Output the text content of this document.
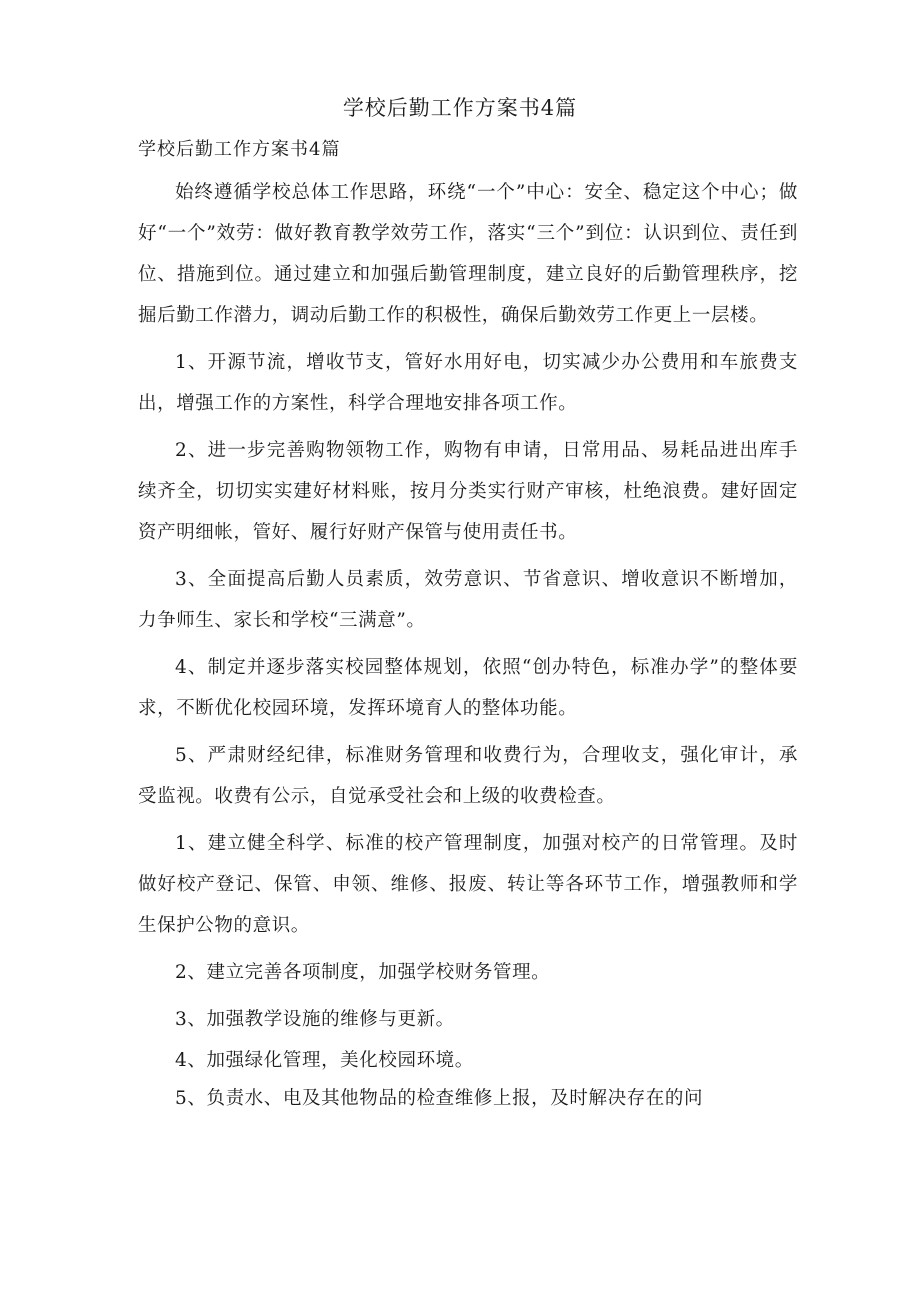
学校后勤工作方案书4篇
学校后勤工作方案书4篇

始终遵循学校总体工作思路，环绕“一个”中心：安全、稳定这个中心；做好“一个”效劳：做好教育教学效劳工作，落实“三个”到位：认识到位、责任到位、措施到位。通过建立和加强后勤管理制度，建立良好的后勤管理秩序，挖掘后勤工作潜力，调动后勤工作的积极性，确保后勤效劳工作更上一层楼。

1、开源节流，增收节支，管好水用好电，切实减少办公费用和车旅费支出，增强工作的方案性，科学合理地安排各项工作。

2、进一步完善购物领物工作，购物有申请，日常用品、易耗品进出库手续齐全，切切实实建好材料账，按月分类实行财产审核，杜绝浪费。建好固定资产明细帐，管好、履行好财产保管与使用责任书。

3、全面提高后勤人员素质，效劳意识、节省意识、增收意识不断增加，力争师生、家长和学校“三满意”。

4、制定并逐步落实校园整体规划，依照“创办特色，标准办学”的整体要求，不断优化校园环境，发挥环境育人的整体功能。

5、严肃财经纪律，标准财务管理和收费行为，合理收支，强化审计，承受监视。收费有公示，自觉承受社会和上级的收费检查。

1、建立健全科学、标准的校产管理制度，加强对校产的日常管理。及时做好校产登记、保管、申领、维修、报废、转让等各环节工作，增强教师和学生保护公物的意识。

2、建立完善各项制度，加强学校财务管理。

3、加强教学设施的维修与更新。

4、加强绿化管理，美化校园环境。

5、负责水、电及其他物品的检查维修上报，及时解决存在的问
